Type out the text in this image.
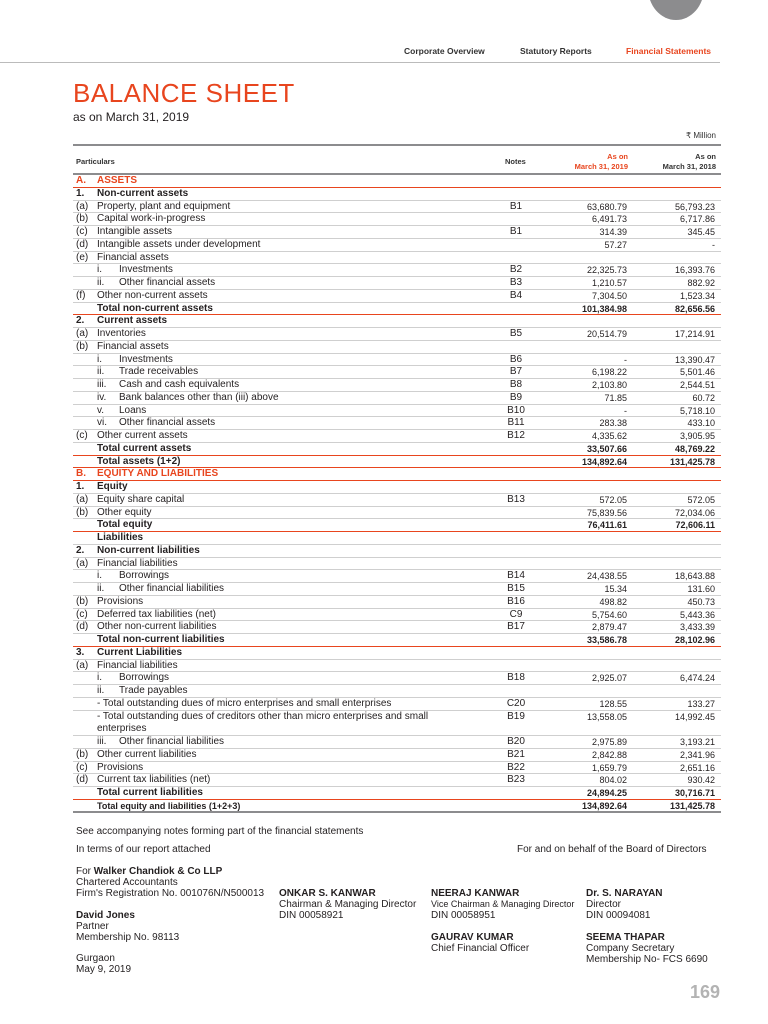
Corporate Overview	Statutory Reports	Financial Statements
BALANCE SHEET
as on March 31, 2019
₹ Million
Particulars	Notes
As on
March 31, 2019
As on
March 31, 2018
A. ASSETS
1. Non-current assets
(a) Property, plant and equipment	B1	63,680.79	56,793.23
(b) Capital work-in-progress	6,491.73	6,717.86
(c) Intangible assets	B1	314.39	345.45
(d) Intangible assets under development	57.27	-
(e) Financial assets
i. Investments	B2	22,325.73	16,393.76
ii. Other financial assets	B3	1,210.57	882.92
(f) Other non-current assets	B4	7,304.50	1,523.34
Total non-current assets	101,384.98	82,656.56
2. Current assets
(a) Inventories	B5	20,514.79	17,214.91
(b) Financial assets
i. Investments	B6	-	13,390.47
ii. Trade receivables	B7	6,198.22	5,501.46
iii. Cash and cash equivalents	B8	2,103.80	2,544.51
iv. Bank balances other than (iii) above	B9	71.85	60.72
v. Loans	B10	-	5,718.10
vi. Other financial assets	B11	283.38	433.10
(c) Other current assets	B12	4,335.62	3,905.95
Total current assets	33,507.66	48,769.22
Total assets (1+2)	134,892.64	131,425.78
B. EQUITY AND LIABILITIES
1. Equity
(a) Equity share capital	B13	572.05	572.05
(b) Other equity	75,839.56	72,034.06
Total equity	76,411.61	72,606.11
Liabilities
2. Non-current liabilities
(a) Financial liabilities
i. Borrowings	B14	24,438.55	18,643.88
ii. Other financial liabilities	B15	15.34	131.60
(b) Provisions	B16	498.82	450.73
(c) Deferred tax liabilities (net)	C9	5,754.60	5,443.36
(d) Other non-current liabilities	B17	2,879.47	3,433.39
Total non-current liabilities	33,586.78	28,102.96
3. Current Liabilities
(a) Financial liabilities
i. Borrowings	B18	2,925.07	6,474.24
ii. Trade payables
- Total outstanding dues of micro enterprises and small enterprises	C20	128.55	133.27
- Total outstanding dues of creditors other than micro enterprises and small
enterprises
B19	13,558.05	14,992.45
iii. Other financial liabilities	B20	2,975.89	3,193.21
(b) Other current liabilities	B21	2,842.88	2,341.96
(c) Provisions	B22	1,659.79	2,651.16
(d) Current tax liabilities (net)	B23	804.02	930.42
Total current liabilities	24,894.25	30,716.71
Total equity and liabilities (1+2+3)	134,892.64	131,425.78
See accompanying notes forming part of the financial statements
In terms of our report attached	For and on behalf of the Board of Directors
For Walker Chandiok & Co LLP
Chartered Accountants
Firm's Registration No. 001076N/N500013
David Jones
Partner
Membership No. 98113
Gurgaon
May 9, 2019
ONKAR S. KANWAR
Chairman & Managing Director
DIN 00058921
NEERAJ KANWAR
Vice Chairman & Managing Director
DIN 00058951
GAURAV KUMAR
Chief Financial Officer
Dr. S. NARAYAN
Director
DIN 00094081
SEEMA THAPAR
Company Secretary
Membership No- FCS 6690
169
